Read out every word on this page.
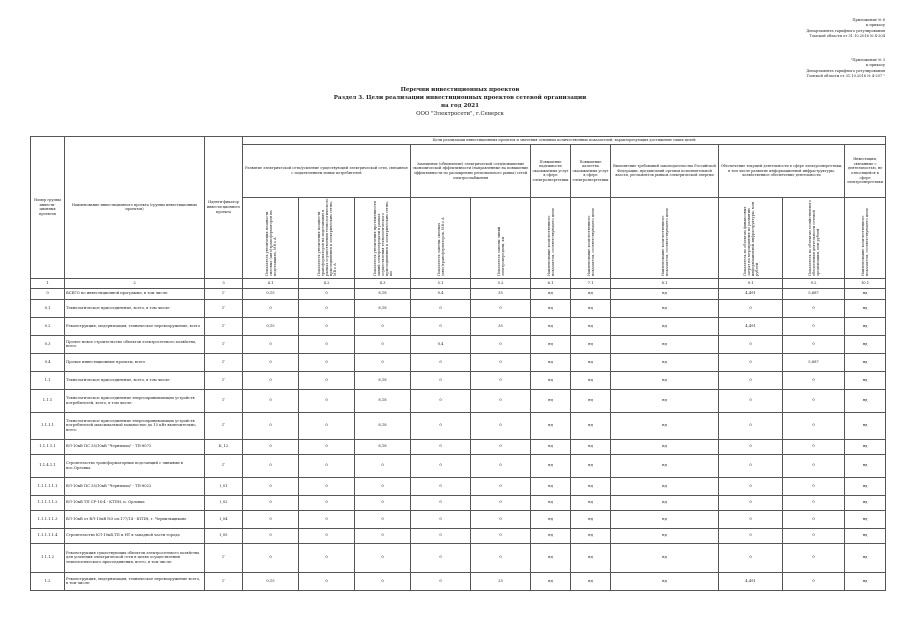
Приложение № 6
к приказу
Департамента тарифного регулирования
Томской области от 31.10.2016 № 4-204
"Приложение № 3
к приказу
Департамента тарифного регулирования
Томской области от 31.10.2016 № 4-207 "
Перечни инвестиционных проектов
Раздел 3. Цели реализации инвестиционных проектов сетевой организации
на год 2021
ООО "Электросети", г.Северск
Номер группы инвести-ционных проектов	Наименование инвестиционного проекта (группы инвестиционных проектов)	Иденти-фикатор инвести-ционного проекта	Цели реализации инвестиционных проектов и значения основных количественных показателей, характеризующих достижение таких целей										
			Развитие электрической сети/усиление существующей электрической сети, связанное с подключением новых потребителей			Замещение (обновление) электрической сети/повышение экономической эффективности (направленные на повышение эффективности по расширению регионального рынка) сетей электроснабжения		Повышение надежности оказываемых услуг в сфере электроэнергетики	Повышение качества оказываемых услуг в сфере электроэнергетики	Выполнение требований законодательства Российской Федерации, предписаний органов исполнительной власти, регламентов рынков электрической энергии	Обеспечение текущей деятельности в сфере электроэнергетики, в том числе развитие информационной инфраструктуры, хозяйственное обеспечение деятельности		Инвестиции, связанные с деятельностью, не относящейся к сфере электроэнергетики
			Показатель увеличения мощности силовых (авто)трансформаторов на подстанциях, МВ×А	Показатель увеличения мощности трансформаторов на подстанциях в рамках осуществления технологического присоединения к электрическим сетям, МВ×А	Показатель увеличения протяженности линий электропередачи в рамках осуществления технологического присоединения к электрическим сетям, км	Показатель замены силовых (авто)трансформаторов, МВ×А	Показатель замены линий электропередачи, км	Наименование количественного показателя, соответствующего цели	Наименование количественного показателя, соответствующего цели	Наименование количественного показателя, соответствующего цели	Показатель по объектам финансовых затрат на мероприятия по развитию информационной инфраструктуры, млн рублей	Показатель по объектам хозяйственного обеспечения деятельности сетевой организации, млн рублей	Наименование количественного показателя, соответствующего цели
1	2	3	4.1	4.2	4.3	5.1	5.2	6.1	7.1	8.1	9.1	9.2	10.1
0	ВСЕГО по инвестиционной программе, в том числе:	Г	0,15	0	8,18	0,4	35	нд	нд	нд	4,491	5,687	нд
0.1	Технологическое присоединение, всего, в том числе:	Г	0	0	8,18	0	0	нд	нд	нд	0	0	нд
0.2	Реконструкция, модернизация, техническое перевооружение, всего	Г	0,15	0	0	0	35	нд	нд	нд	4,491	0	нд
0.3	Прочее новое строительство объектов электросетевого хозяйства, всего	Г	0	0	0	0,4	0	нд	нд	нд	0	0	нд
0.4	Прочие инвестиционные проекты, всего	Г	0	0	0	0	0	нд	нд	нд	0	5,687	нд
1.1	Технологическое присоединение, всего, в том числе:	Г	0	0	8,18	0	0	нд	нд	нд	0	0	нд
1.1.1	Технологическое присоединение энергопринимающих устройств потребителей, всего, в том числе:	Г	0	0	8,18	0	0	нд	нд	нд	0	0	нд
1.1.1.1	Технологическое присоединение энергопринимающих устройств потребителей максимальной мощностью до 15 кВт включительно, всего	Г	0	0	8,18	0	0	нд	нд	нд	0	0	нд
1.1.1.1.1	ВЛ-10кВ ПС 35/10кВ "Чернильщ" - ТП-8072	К_12	0	0	8,18	0	0	нд	нд	нд	0	0	нд
1.1.4.1.1	Строительство трансформаторных подстанций с линиями в пос.Орловка	Г	0	0	0	0	0	нд	нд	нд	0	0	нд
1.1.1.1.1.1	ВЛ-10кВ ПС 35/10кВ "Чернильщ" - ТП-8022	I_01	0	0	0	0	0	нд	нд	нд	0	0	нд
1.1.1.1.1.2	ВЛ-10кВ ТП СР-16-4 - КТПН, п. Орловка	I_02	0	0	0	0	0	нд	нд	нд	0	0	нд
1.1.1.1.1.3	ВЛ-10кВ от ВЛ-10кВ №3 оп.177/14 - КТПН, г. Чернильщиково	I_04	0	0	0	0	0	нд	нд	нд	0	0	нд
1.1.1.1.1.4	Строительство КЛ-10кВ,ТП и НТ в западной части города	I_05	0	0	0	0	0	нд	нд	нд	0	0	нд
1.1.1.2	Реконструкция существующих объектов электросетевого хозяйства для усиления электрической сети в целях осуществления технологического присоединения, всего, в том числе:	Г	0	0	0	0	0	нд	нд	нд	0	0	нд
1.2	Реконструкция, модернизация, техническое перевооружение всего, в том числе:	Г	0,15	0	0	0	25	нд	нд	нд	4,491	0	нд
